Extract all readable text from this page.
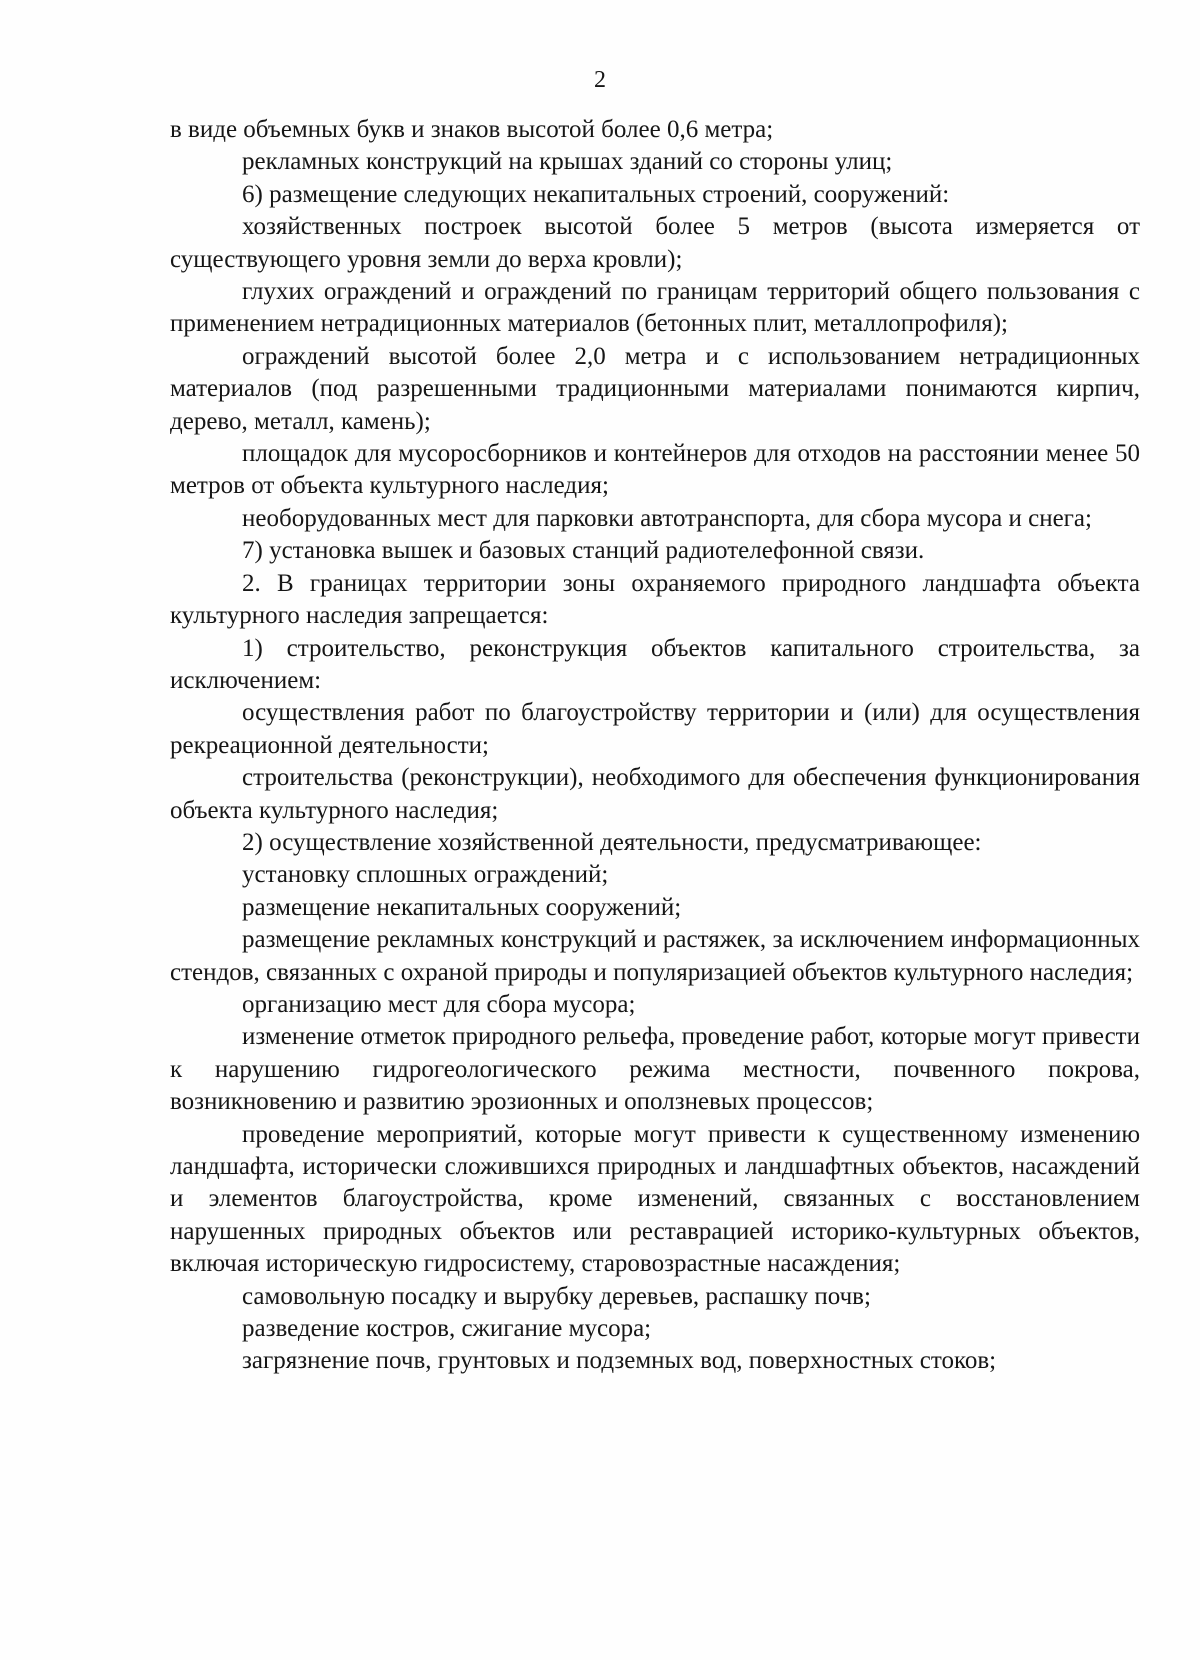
2

в виде объемных букв и знаков высотой более 0,6 метра;

рекламных конструкций на крышах зданий со стороны улиц;

6) размещение следующих некапитальных строений, сооружений:

хозяйственных построек высотой более 5 метров (высота измеряется от существующего уровня земли до верха кровли);

глухих ограждений и ограждений по границам территорий общего пользования с применением нетрадиционных материалов (бетонных плит, металлопрофиля);

ограждений высотой более 2,0 метра и с использованием нетрадиционных материалов (под разрешенными традиционными материалами понимаются кирпич, дерево, металл, камень);

площадок для мусоросборников и контейнеров для отходов на расстоянии менее 50 метров от объекта культурного наследия;

необорудованных мест для парковки автотранспорта, для сбора мусора и снега;

7) установка вышек и базовых станций радиотелефонной связи.

2. В границах территории зоны охраняемого природного ландшафта объекта культурного наследия запрещается:

1) строительство, реконструкция объектов капитального строительства, за исключением:

осуществления работ по благоустройству территории и (или) для осуществления рекреационной деятельности;

строительства (реконструкции), необходимого для обеспечения функционирования объекта культурного наследия;

2) осуществление хозяйственной деятельности, предусматривающее:

установку сплошных ограждений;

размещение некапитальных сооружений;

размещение рекламных конструкций и растяжек, за исключением информационных стендов, связанных с охраной природы и популяризацией объектов культурного наследия;

организацию мест для сбора мусора;

изменение отметок природного рельефа, проведение работ, которые могут привести к нарушению гидрогеологического режима местности, почвенного покрова, возникновению и развитию эрозионных и оползневых процессов;

проведение мероприятий, которые могут привести к существенному изменению ландшафта, исторически сложившихся природных и ландшафтных объектов, насаждений и элементов благоустройства, кроме изменений, связанных с восстановлением нарушенных природных объектов или реставрацией историко-культурных объектов, включая историческую гидросистему, старовозрастные насаждения;

самовольную посадку и вырубку деревьев, распашку почв;

разведение костров, сжигание мусора;

загрязнение почв, грунтовых и подземных вод, поверхностных стоков;
